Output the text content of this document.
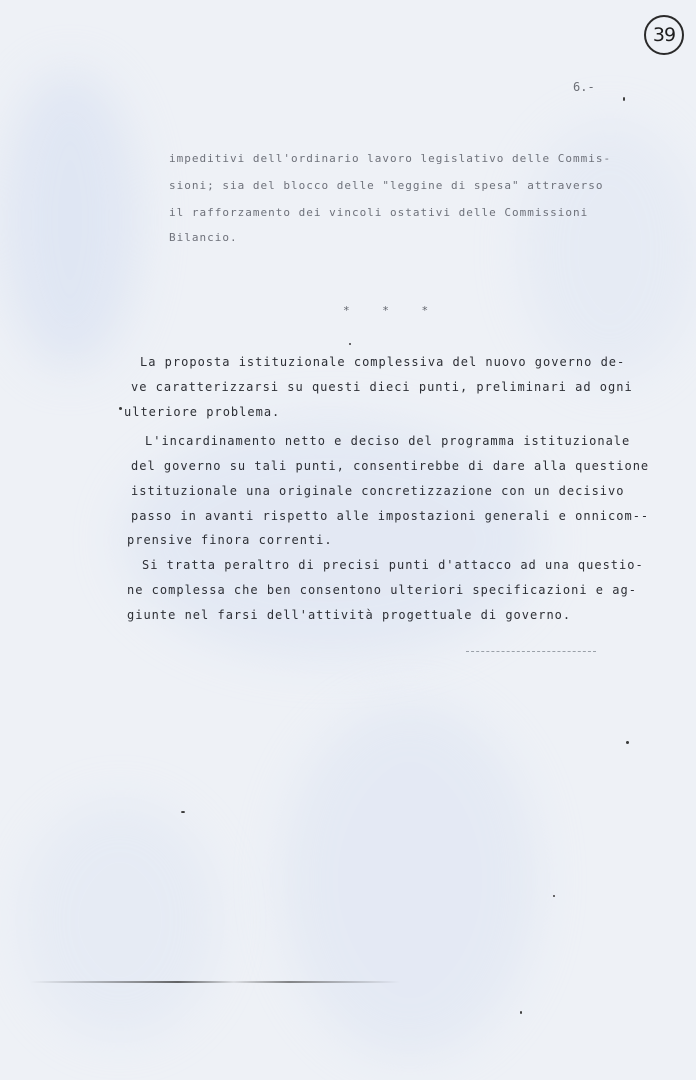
39
6.-
impeditivi dell'ordinario lavoro legislativo delle Commis-
sioni; sia del blocco delle "leggine di spesa" attraverso
il rafforzamento dei vincoli ostativi delle Commissioni
Bilancio.
* * *
La proposta istituzionale complessiva del nuovo governo de-
ve caratterizzarsi su questi dieci punti, preliminari ad ogni
ulteriore problema.
L'incardinamento netto e deciso del programma istituzionale
del governo su tali punti, consentirebbe di dare alla questione
istituzionale una originale concretizzazione con un decisivo
passo in avanti rispetto alle impostazioni generali e onnicom--
prensive finora correnti.
Si tratta peraltro di precisi punti d'attacco ad una questio-
ne complessa che ben consentono ulteriori specificazioni e ag-
giunte nel farsi dell'attività progettuale di governo.
